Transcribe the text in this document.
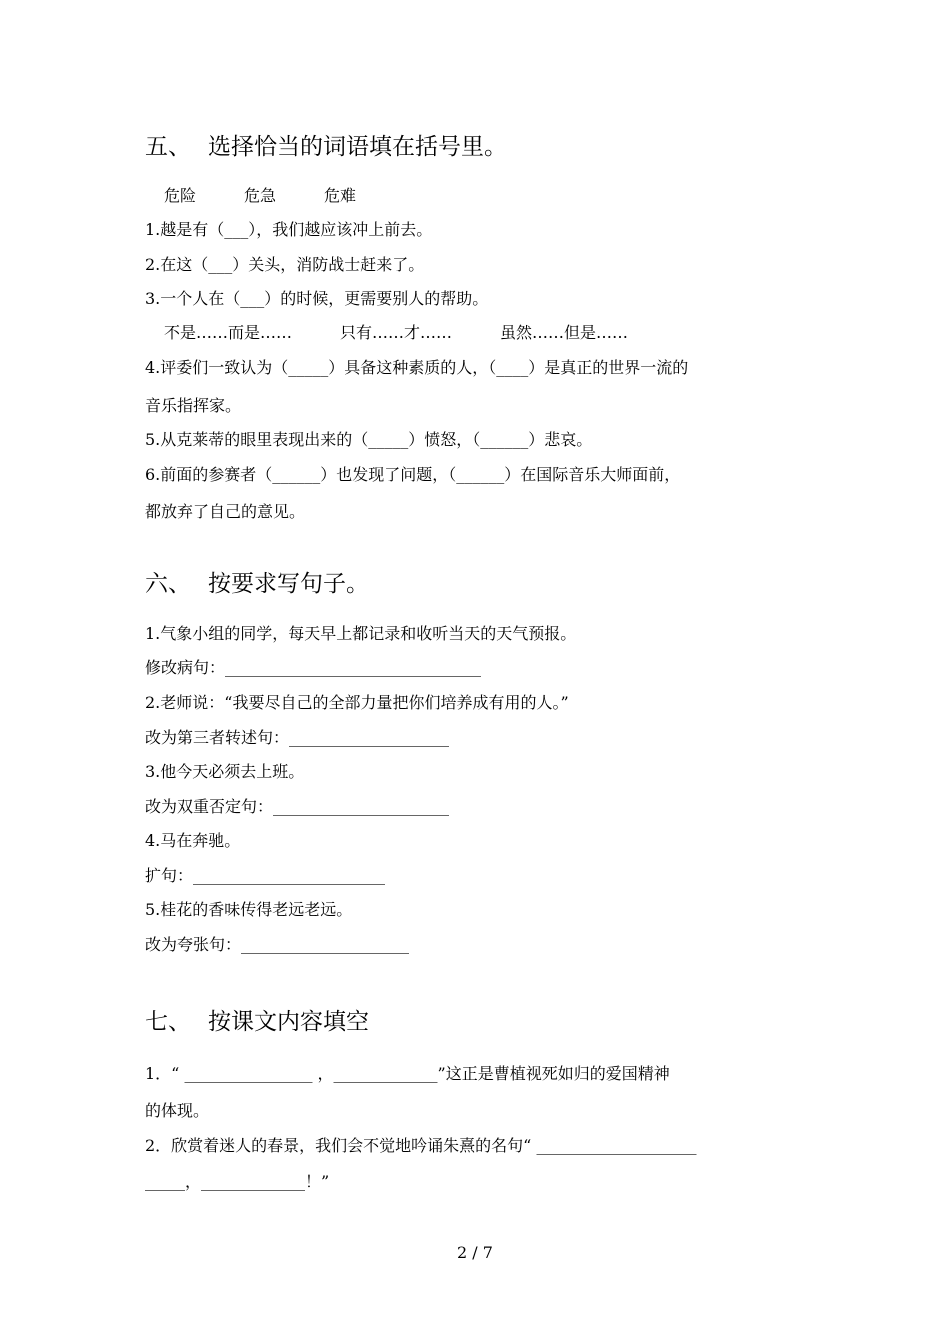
五、 选择恰当的词语填在括号里。
危险　　　危急　　　危难
1.越是有（___），我们越应该冲上前去。
2.在这（___）关头，消防战士赶来了。
3.一个人在（___）的时候，更需要别人的帮助。
不是……而是……　　　只有……才……　　　虽然……但是……
4.评委们一致认为（_____）具备这种素质的人，（____）是真正的世界一流的
音乐指挥家。
5.从克莱蒂的眼里表现出来的（_____）愤怒，（______）悲哀。
6.前面的参赛者（______）也发现了问题，（______）在国际音乐大师面前，
都放弃了自己的意见。
六、 按要求写句子。
1.气象小组的同学，每天早上都记录和收听当天的天气预报。
修改病句：________________________________
2.老师说：“我要尽自己的全部力量把你们培养成有用的人。”
改为第三者转述句：____________________
3.他今天必须去上班。
改为双重否定句：______________________
4.马在奔驰。
扩句：________________________
5.桂花的香味传得老远老远。
改为夸张句：_____________________
七、 按课文内容填空
1．“ ________________ ，_____________”这正是曹植视死如归的爱国精神
的体现。
2．欣赏着迷人的春景，我们会不觉地吟诵朱熹的名句“ ____________________
_____，_____________！”
2 / 7
